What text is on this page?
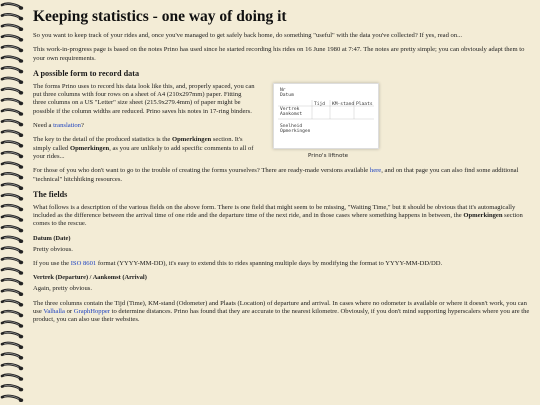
Keeping statistics - one way of doing it

So you want to keep track of your rides and, once you've managed to get safely back home, do something "useful" with the data you've collected? If yes, read on...

This work-in-progress page is based on the notes Prino has used since he started recording his rides on 16 June 1980 at 7:47. The notes are pretty simple; you can obviously adapt them to your own requirements.

A possible form to record data

The forms Prino uses to record his data look like this, and, properly spaced, you can put three columns with four rows on a sheet of A4 (210x297mm) paper. Fitting three columns on a US "Letter" size sheet (215.9x279.4mm) of paper might be possible if the column widths are reduced. Prino saves his notes in 17-ring binders.

Need a translation?

The key to the detail of the produced statistics is the Opmerkingen section. It's simply called Opmerkingen, as you are unlikely to add specific comments to all of your rides...

Nr
Datum
Tijd KM-stand Plaats
Vertrek
Aankomst
Snelheid
Opmerkingen
Prino's liftnote

For those of you who don't want to go to the trouble of creating the forms yourselves? There are ready-made versions available here, and on that page you can also find some additional "technical" hitchhiking resources.

The fields

What follows is a description of the various fields on the above form. There is one field that might seem to be missing, "Waiting Time," but it should be obvious that it's automagically included as the difference between the arrival time of one ride and the departure time of the next ride, and in those cases where something happens in between, the Opmerkingen section comes to the rescue.

Datum (Date)

Pretty obvious.

If you use the ISO 8601 format (YYYY-MM-DD), it's easy to extend this to rides spanning multiple days by modifying the format to YYYY-MM-DD/DD.

Vertrek (Departure) / Aankomst (Arrival)

Again, pretty obvious.

The three columns contain the Tijd (Time), KM-stand (Odometer) and Plaats (Location) of departure and arrival. In cases where no odometer is available or where it doesn't work, you can use Valhalla or GraphHopper to determine distances. Prino has found that they are accurate to the nearest kilometre. Obviously, if you don't mind supporting hyperscalers where you are the product, you can also use their websites.
